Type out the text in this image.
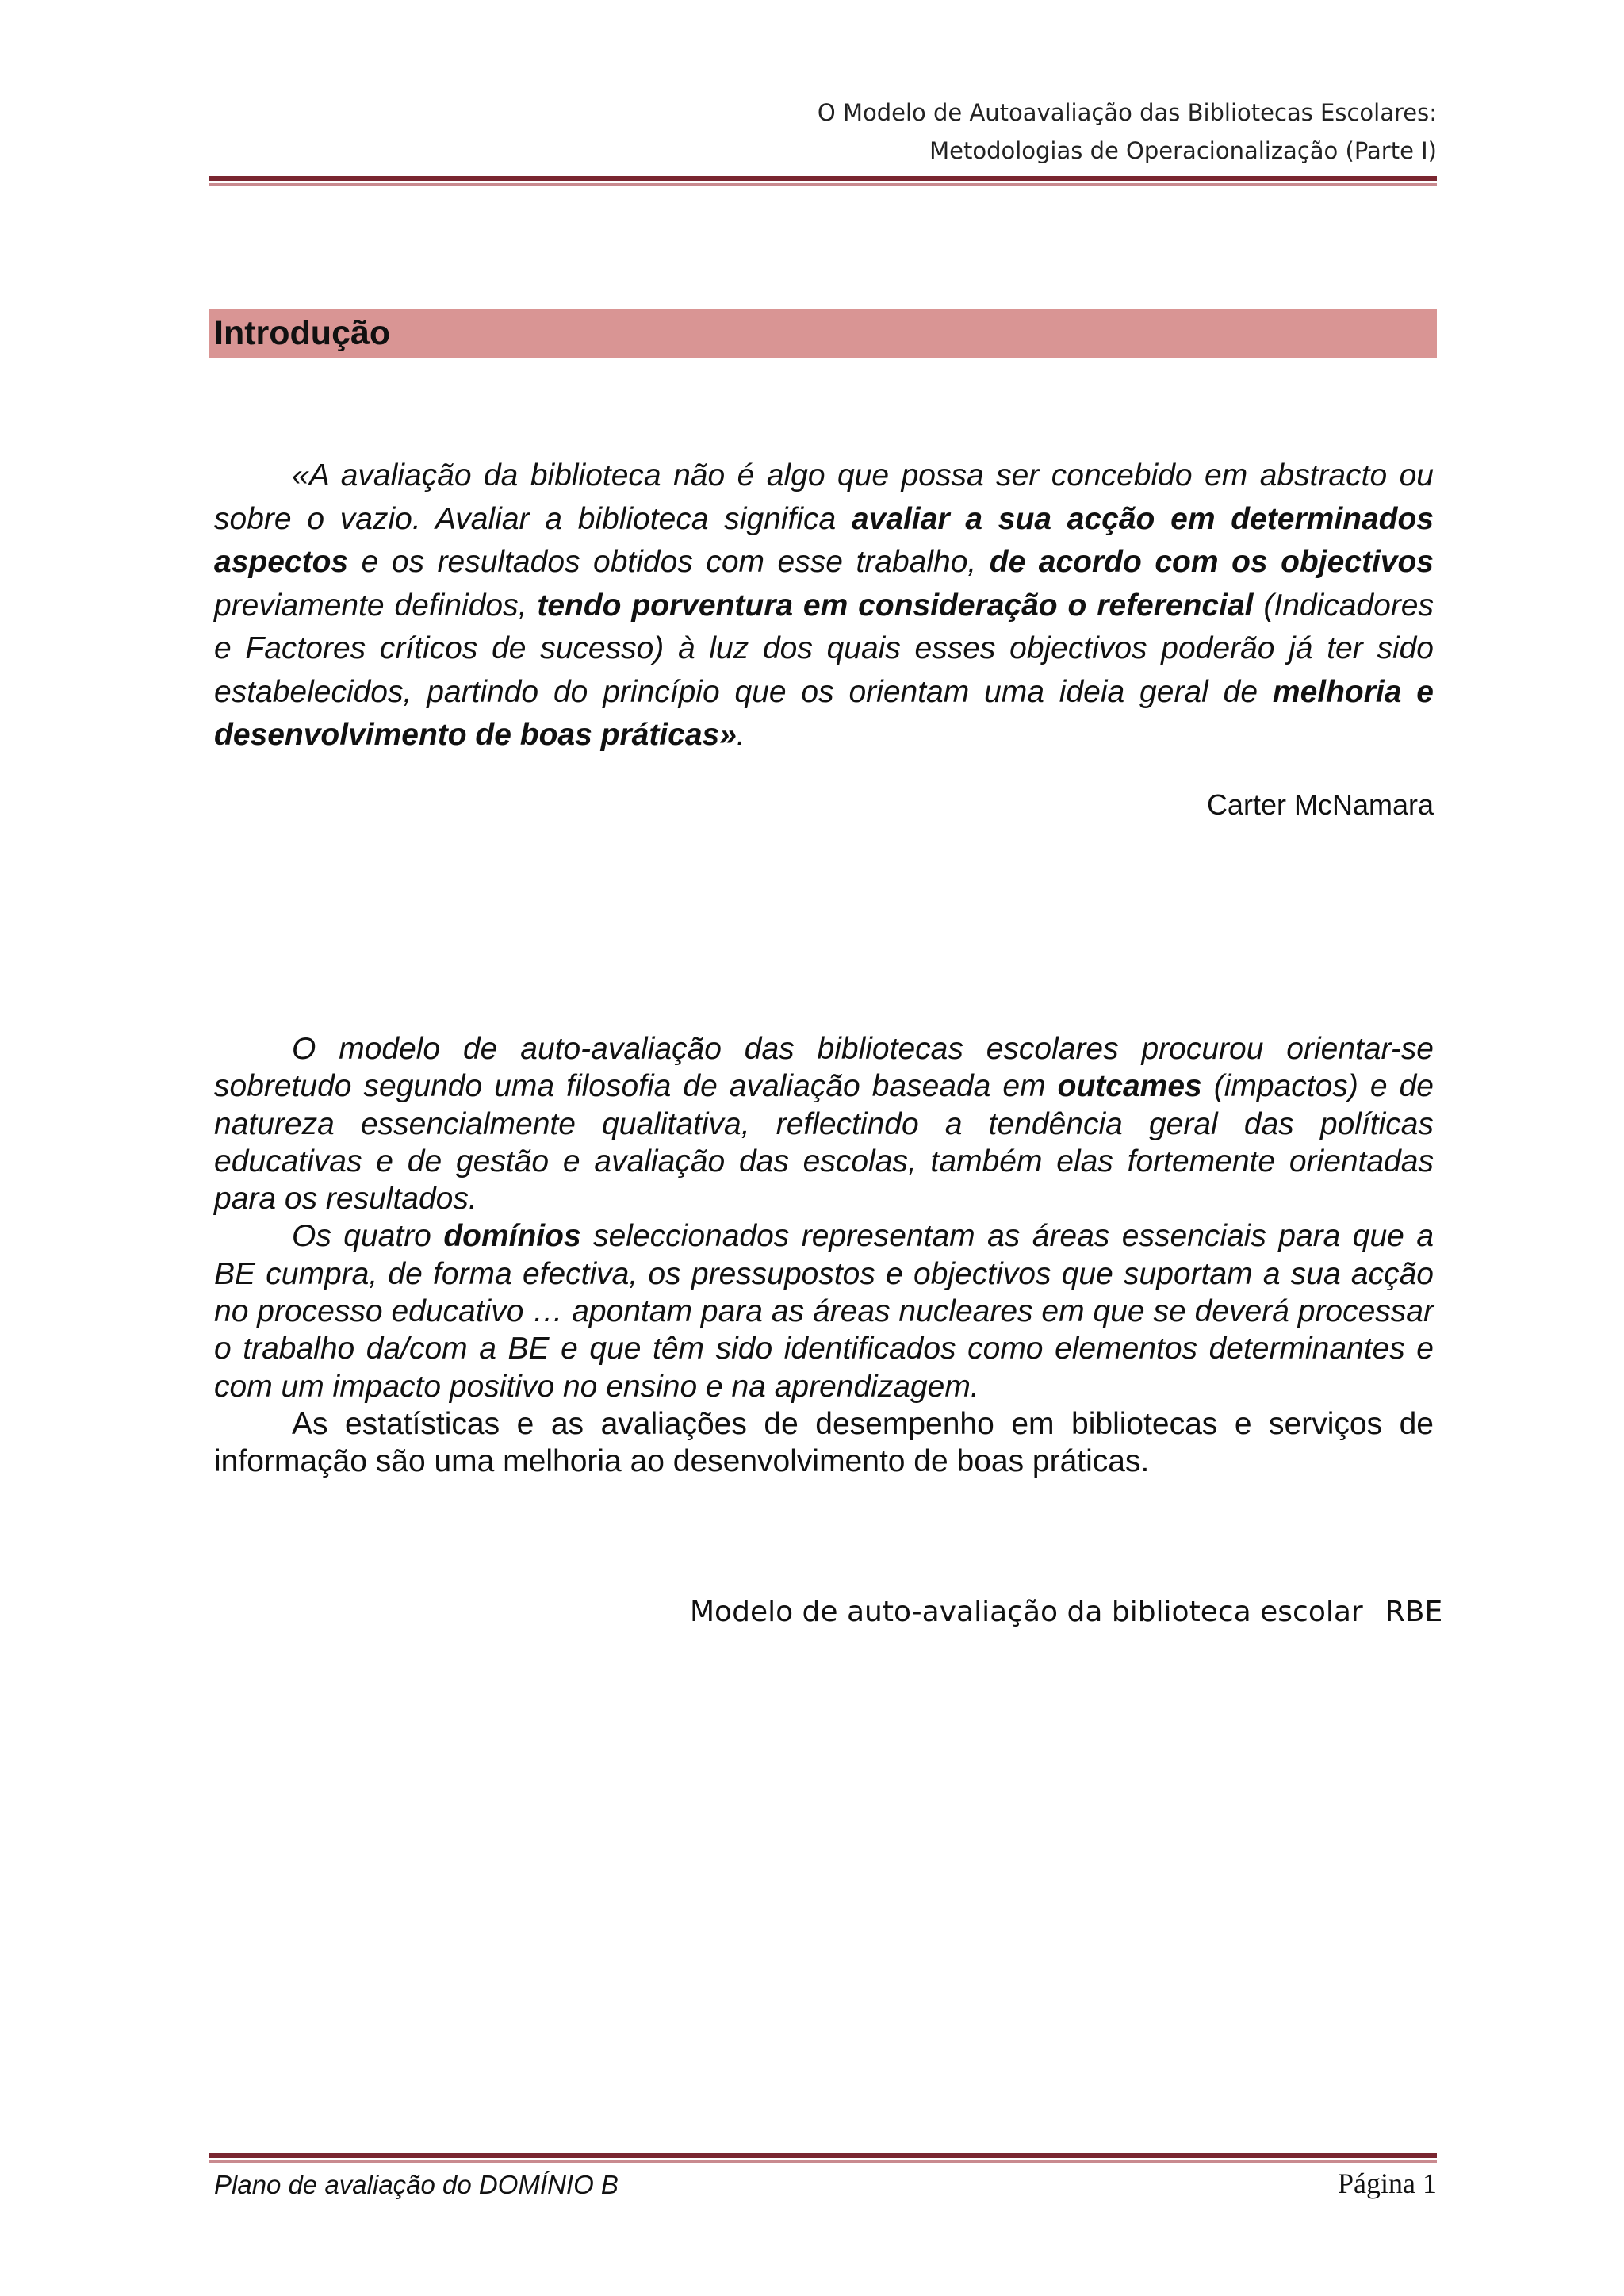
O Modelo de Autoavaliação das Bibliotecas Escolares:
Metodologias de Operacionalização (Parte I)
Introdução

«A avaliação da biblioteca não é algo que possa ser concebido em abstracto ou sobre o vazio. Avaliar a biblioteca significa avaliar a sua acção em determinados aspectos e os resultados obtidos com esse trabalho, de acordo com os objectivos previamente definidos, tendo porventura em consideração o referencial (Indicadores e Factores críticos de sucesso) à luz dos quais esses objectivos poderão já ter sido estabelecidos, partindo do princípio que os orientam uma ideia geral de melhoria e desenvolvimento de boas práticas».

Carter McNamara

O modelo de auto-avaliação das bibliotecas escolares procurou orientar-se sobretudo segundo uma filosofia de avaliação baseada em outcames (impactos) e de natureza essencialmente qualitativa, reflectindo a tendência geral das políticas educativas e de gestão e avaliação das escolas, também elas fortemente orientadas para os resultados.

Os quatro domínios seleccionados representam as áreas essenciais para que a BE cumpra, de forma efectiva, os pressupostos e objectivos que suportam a sua acção no processo educativo … apontam para as áreas nucleares em que se deverá processar o trabalho da/com a BE e que têm sido identificados como elementos determinantes e com um impacto positivo no ensino e na aprendizagem.

As estatísticas e as avaliações de desempenho em bibliotecas e serviços de informação são uma melhoria ao desenvolvimento de boas práticas.

Modelo de auto-avaliação da biblioteca escolar RBE

Plano de avaliação do DOMÍNIO B	Página 1
